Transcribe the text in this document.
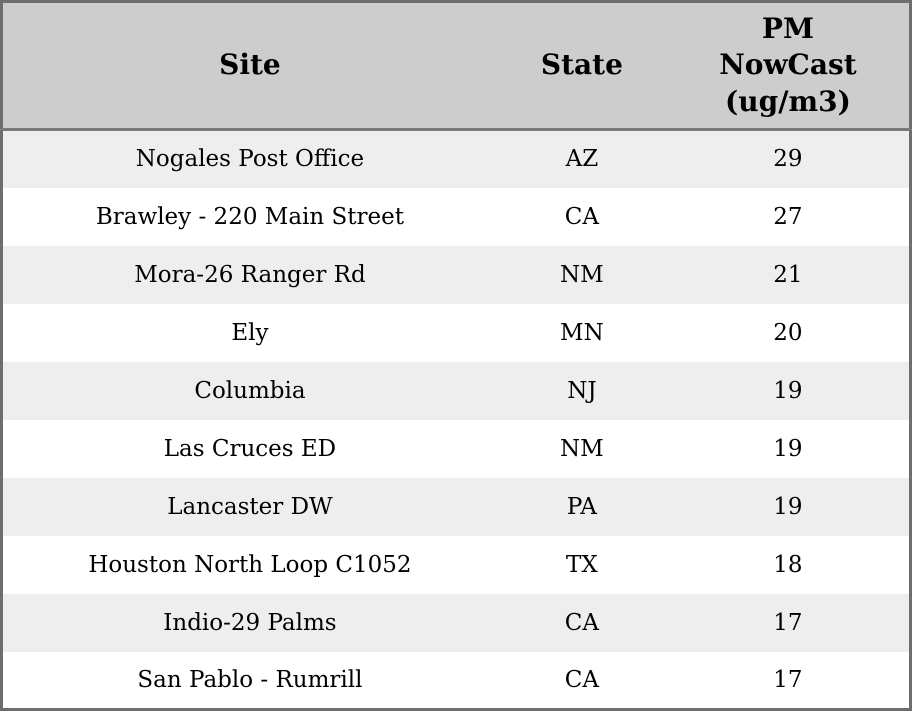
Site	State	PM NowCast (ug/m3)
Nogales Post Office	AZ	29
Brawley - 220 Main Street	CA	27
Mora-26 Ranger Rd	NM	21
Ely	MN	20
Columbia	NJ	19
Las Cruces ED	NM	19
Lancaster DW	PA	19
Houston North Loop C1052	TX	18
Indio-29 Palms	CA	17
San Pablo - Rumrill	CA	17
